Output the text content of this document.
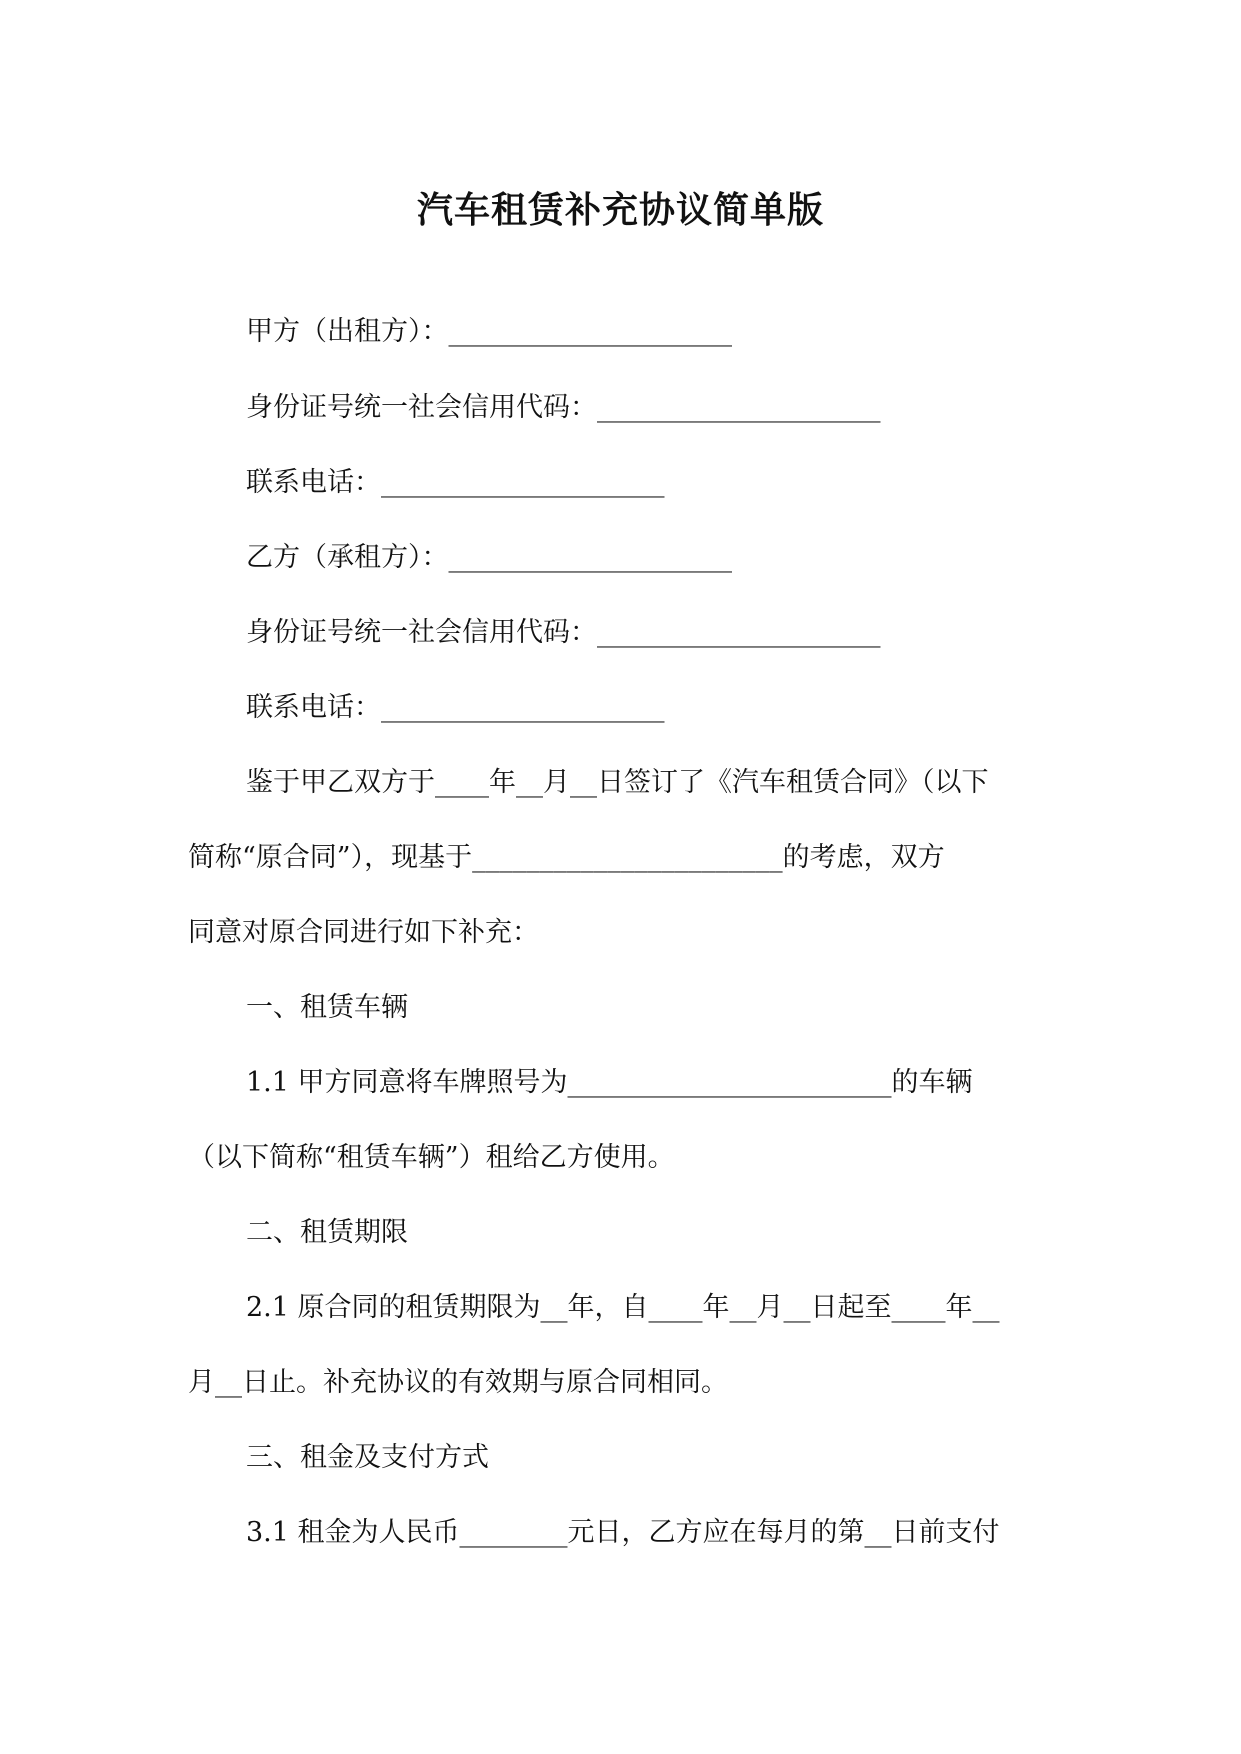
汽车租赁补充协议简单版
甲方（出租方）：_____________________
身份证号统一社会信用代码：_____________________
联系电话：_____________________
乙方（承租方）：_____________________
身份证号统一社会信用代码：_____________________
联系电话：_____________________
鉴于甲乙双方于____年__月__日签订了《汽车租赁合同》（以下
简称“原合同”），现基于_______________________的考虑，双方
同意对原合同进行如下补充：
一、租赁车辆
1.1 甲方同意将车牌照号为________________________的车辆
（以下简称“租赁车辆”）租给乙方使用。
二、租赁期限
2.1 原合同的租赁期限为__年，自____年__月__日起至____年__
月__日止。补充协议的有效期与原合同相同。
三、租金及支付方式
3.1 租金为人民币________元日，乙方应在每月的第__日前支付
